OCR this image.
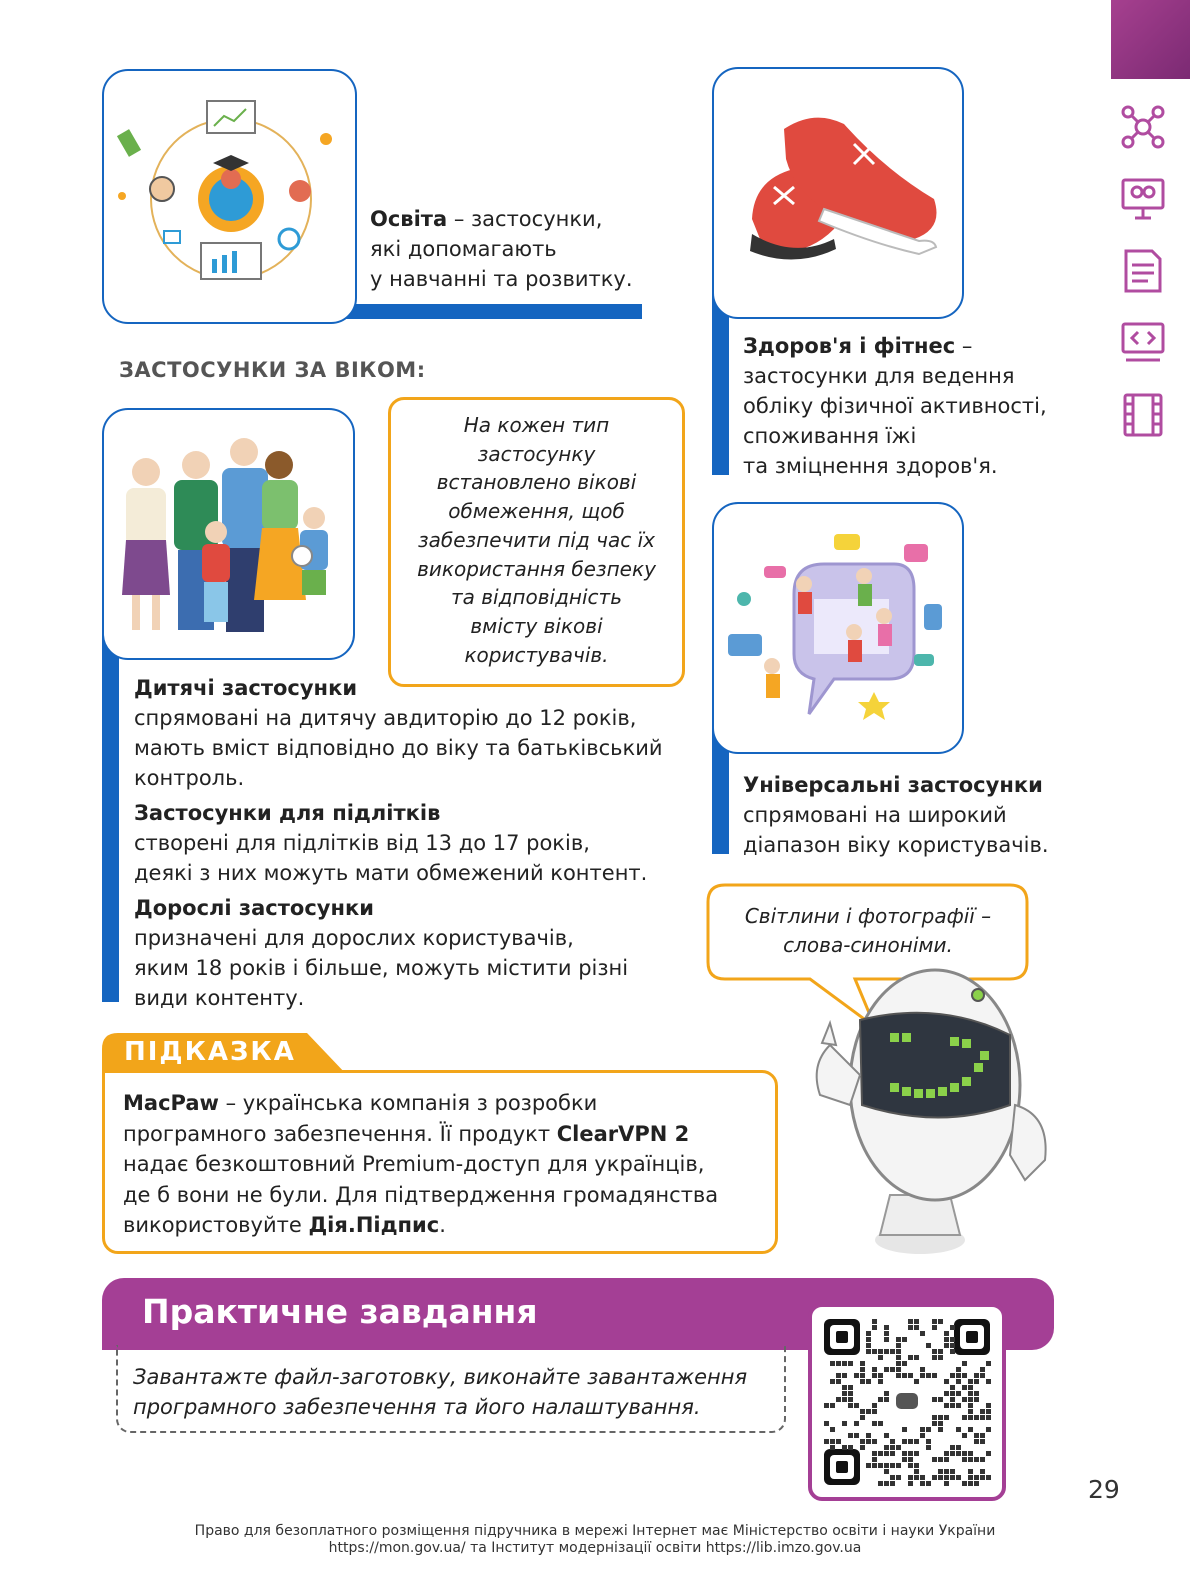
Освіта – застосунки,
які допомагають
у навчанні та розвитку.
Здоров'я і фітнес –
застосунки для ведення
обліку фізичної активності,
споживання їжі
та зміцнення здоров'я.
ЗАСТОСУНКИ ЗА ВІКОМ:
На кожен тип
застосунку
встановлено вікові
обмеження, щоб
забезпечити під час їх
використання безпеку
та відповідність
вмісту вікові
користувачів.
Дитячі застосунки
спрямовані на дитячу авдиторію до 12 років,
мають вміст відповідно до віку та батьківський
контроль.
Застосунки для підлітків
створені для підлітків від 13 до 17 років,
деякі з них можуть мати обмежений контент.
Дорослі застосунки
призначені для дорослих користувачів,
яким 18 років і більше, можуть містити різні
види контенту.
Універсальні застосунки
спрямовані на широкий
діапазон віку користувачів.
Світлини і фотографії –
слова-синоніми.
ПІДКАЗКА
MacPaw – українська компанія з розробки
програмного забезпечення. Її продукт ClearVPN 2
надає безкоштовний Premium-доступ для українців,
де б вони не були. Для підтвердження громадянства
використовуйте Дія.Підпис.
Практичне завдання
Завантажте файл-заготовку, виконайте завантаження
програмного забезпечення та його налаштування.
29
Право для безоплатного розміщення підручника в мережі Інтернет має Міністерство освіти і науки України
https://mon.gov.ua/ та Інститут модернізації освіти https://lib.imzo.gov.ua
